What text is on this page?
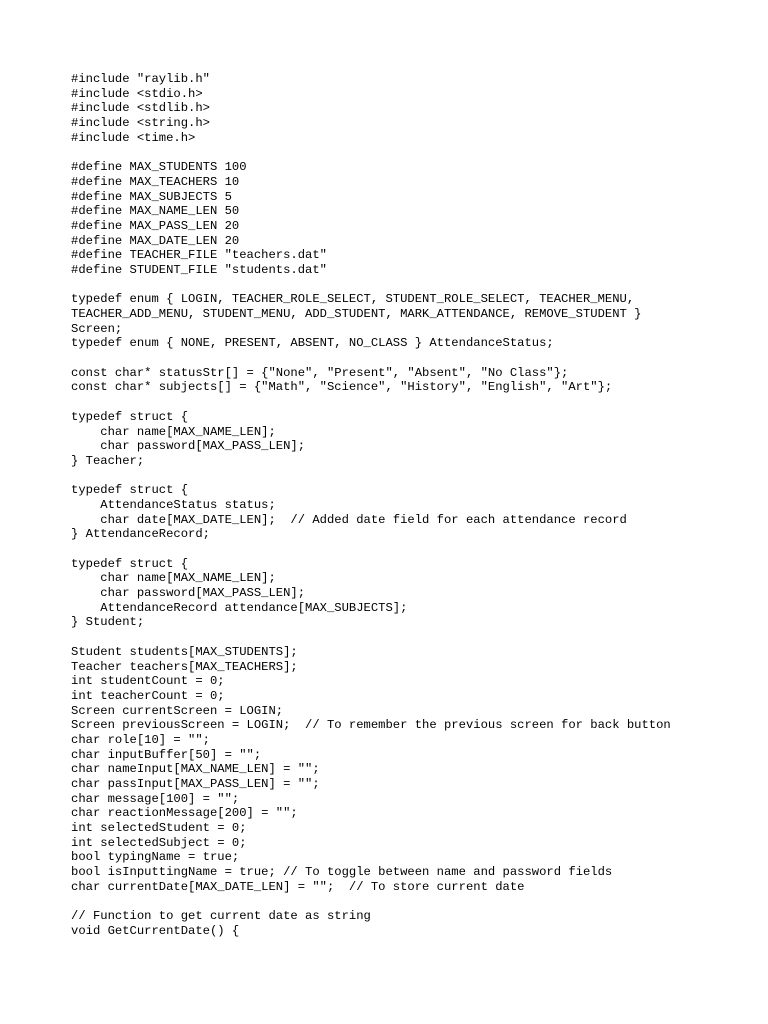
#include "raylib.h"
#include <stdio.h>
#include <stdlib.h>
#include <string.h>
#include <time.h>
#define MAX_STUDENTS 100
#define MAX_TEACHERS 10
#define MAX_SUBJECTS 5
#define MAX_NAME_LEN 50
#define MAX_PASS_LEN 20
#define MAX_DATE_LEN 20
#define TEACHER_FILE "teachers.dat"
#define STUDENT_FILE "students.dat"
typedef enum { LOGIN, TEACHER_ROLE_SELECT, STUDENT_ROLE_SELECT, TEACHER_MENU,
TEACHER_ADD_MENU, STUDENT_MENU, ADD_STUDENT, MARK_ATTENDANCE, REMOVE_STUDENT }
Screen;
typedef enum { NONE, PRESENT, ABSENT, NO_CLASS } AttendanceStatus;
const char* statusStr[] = {"None", "Present", "Absent", "No Class"};
const char* subjects[] = {"Math", "Science", "History", "English", "Art"};
typedef struct {
char name[MAX_NAME_LEN];
char password[MAX_PASS_LEN];
} Teacher;
typedef struct {
AttendanceStatus status;
char date[MAX_DATE_LEN];  // Added date field for each attendance record
} AttendanceRecord;
typedef struct {
char name[MAX_NAME_LEN];
char password[MAX_PASS_LEN];
AttendanceRecord attendance[MAX_SUBJECTS];
} Student;
Student students[MAX_STUDENTS];
Teacher teachers[MAX_TEACHERS];
int studentCount = 0;
int teacherCount = 0;
Screen currentScreen = LOGIN;
Screen previousScreen = LOGIN;  // To remember the previous screen for back button
char role[10] = "";
char inputBuffer[50] = "";
char nameInput[MAX_NAME_LEN] = "";
char passInput[MAX_PASS_LEN] = "";
char message[100] = "";
char reactionMessage[200] = "";
int selectedStudent = 0;
int selectedSubject = 0;
bool typingName = true;
bool isInputtingName = true; // To toggle between name and password fields
char currentDate[MAX_DATE_LEN] = "";  // To store current date
// Function to get current date as string
void GetCurrentDate() {
